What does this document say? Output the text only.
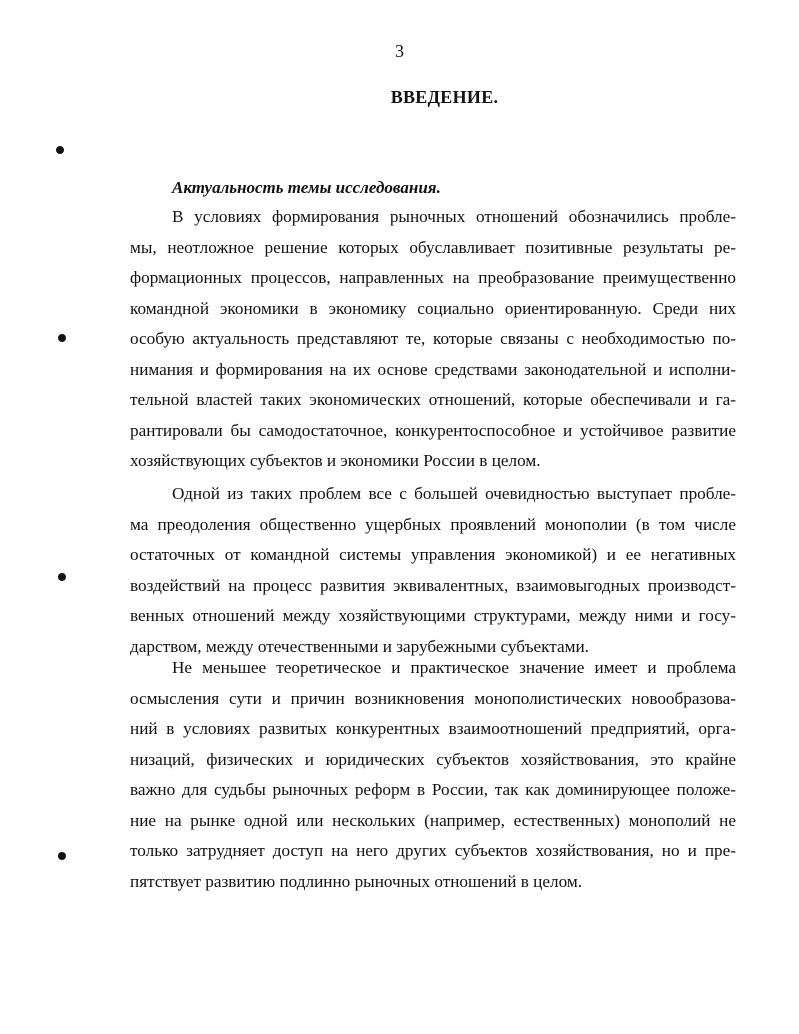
3
ВВЕДЕНИЕ.

Актуальность темы исследования.

В условиях формирования рыночных отношений обозначились пробле-
мы, неотложное решение которых обуславливает позитивные результаты ре-
формационных процессов, направленных на преобразование преимущественно
командной экономики в экономику социально ориентированную. Среди них
особую актуальность представляют те, которые связаны с необходимостью по-
нимания и формирования на их основе средствами законодательной и исполни-
тельной властей таких экономических отношений, которые обеспечивали и га-
рантировали бы самодостаточное, конкурентоспособное и устойчивое развитие
хозяйствующих субъектов и экономики России в целом.

Одной из таких проблем все с большей очевидностью выступает пробле-
ма преодоления общественно ущербных проявлений монополии (в том числе
остаточных от командной системы управления экономикой) и ее негативных
воздействий на процесс развития эквивалентных, взаимовыгодных производст-
венных отношений между хозяйствующими структурами, между ними и госу-
дарством, между отечественными и зарубежными субъектами.

Не меньшее теоретическое и практическое значение имеет и проблема
осмысления сути и причин возникновения монополистических новообразова-
ний в условиях развитых конкурентных взаимоотношений предприятий, орга-
низаций, физических и юридических субъектов хозяйствования, это крайне
важно для судьбы рыночных реформ в России, так как доминирующее положе-
ние на рынке одной или нескольких (например, естественных) монополий не
только затрудняет доступ на него других субъектов хозяйствования, но и пре-
пятствует развитию подлинно рыночных отношений в целом.
